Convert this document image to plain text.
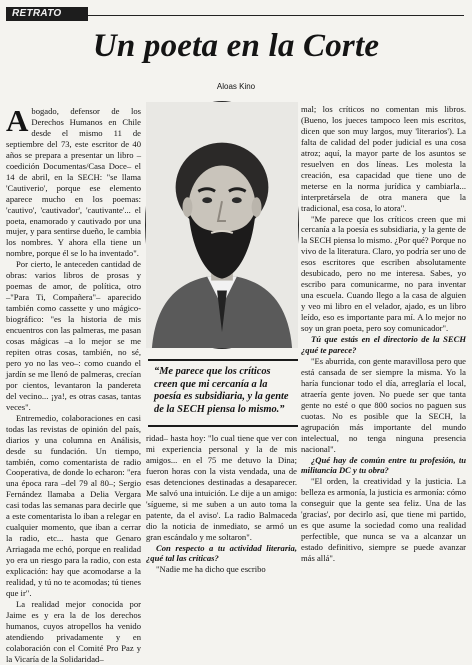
RETRATO
Un poeta en la Corte
Aloas Kino

Abogado, defensor de los Derechos Humanos en Chile desde el mismo 11 de septiembre del 73, este escritor de 40 años se prepara a presentar un libro –coedición Documentas/Casa Doce– el 14 de abril, en la SECH: "se llama 'Cautiverio', porque ese elemento aparece mucho en los poemas: 'cautivo', 'cautivador', 'cautivante'... el poeta, enamorado y cautivado por una mujer, y para sentirse dueño, le cambia los nombres. Y ahora ella tiene un nombre, porque él se lo ha inventado".

Por cierto, le anteceden cantidad de obras: varios libros de prosas y poemas de amor, de política, otro –"Para Ti, Compañera"– aparecido también como cassette y uno mágico-biográfico: "es la historia de mis encuentros con las palmeras, me pasan cosas mágicas –a lo mejor se me repiten otras cosas, también, no sé, pero yo no las veo–: como cuando el jardín se me llenó de palmeras, crecían por cientos, levantaron la pandereta del vecino... ¡ya!, es otras casas, tantas veces".

Entremedio, colaboraciones en casi todas las revistas de opinión del país, diarios y una columna en Análisis, desde su fundación. Un tiempo, también, como comentarista de radio Cooperativa, de donde lo echaron: "era una época rara –del 79 al 80–; Sergio Fernández llamaba a Delia Vergara casi todas las semanas para decirle que a este comentarista lo iban a relegar en cualquier momento, que iban a cerrar la radio, etc... hasta que Genaro Arriagada me echó, porque en realidad yo era un riesgo para la radio, con esta explicación: hay que acomodarse a la realidad, y tú no te acomodas; tú tienes que ir".

La realidad mejor conocida por Jaime es y era la de los derechos humanos, cuyos atropellos ha venido atendiendo privadamente y en colaboración con el Comité Pro Paz y la Vicaría de la Solidaridad–

“Me parece que los críticos creen que mi cercanía a la poesía es subsidiaria, y la gente de la SECH piensa lo mismo.”

ridad– hasta hoy: "lo cual tiene que ver con mi experiencia personal y la de mis amigos... en el 75 me detuvo la Dina; fueron horas con la vista vendada, una de esas detenciones destinadas a desaparecer. Me salvó una intuición. Le dije a un amigo: 'sígueme, si me suben a un auto toma la patente, da el aviso'. La radio Balmaceda dio la noticia de inmediato, se armó un gran escándalo y me soltaron".

Con respecto a tu actividad literaria, ¿qué tal las críticas?

"Nadie me ha dicho que escribo

mal; los críticos no comentan mis libros. (Bueno, los jueces tampoco leen mis escritos, dicen que son muy largos, muy 'literarios'). La falta de calidad del poder judicial es una cosa atroz; aquí, la mayor parte de los asuntos se resuelven en dos líneas. Les molesta la creación, esa capacidad que tiene uno de meterse en la norma jurídica y cambiarla... interpretársela de otra manera que la tradicional, esa cosa, lo atora".

"Me parece que los críticos creen que mi cercanía a la poesía es subsidiaria, y la gente de la SECH piensa lo mismo. ¿Por qué? Porque no vivo de la literatura. Claro, yo podría ser uno de esos escritores que escriben absolutamente desubicado, pero no me interesa. Sabes, yo escribo para comunicarme, no para inventar una escuela. Cuando llego a la casa de alguien y veo mi libro en el velador, ajado, es un libro leído, eso es importante para mí. A lo mejor no soy un gran poeta, pero soy comunicador".

Tú que estás en el directorio de la SECH ¿qué te parece?

"Es aburrida, con gente maravillosa pero que está cansada de ser siempre la misma. Yo la haría funcionar todo el día, arreglaría el local, atraería gente joven. No puede ser que tanta gente no esté o que 800 socios no paguen sus cuotas. No es posible que la SECH, la agrupación más importante del mundo intelectual, no tenga ninguna presencia nacional".

¿Qué hay de común entre tu profesión, tu militancia DC y tu obra?

"El orden, la creatividad y la justicia. La belleza es armonía, la justicia es armonía: cómo conseguir que la gente sea feliz. Una de las 'gracias', por decirlo así, que tiene mi partido, es que asume la sociedad como una realidad perfectible, que nunca se va a alcanzar un estado definitivo, siempre se puede avanzar más allá".
